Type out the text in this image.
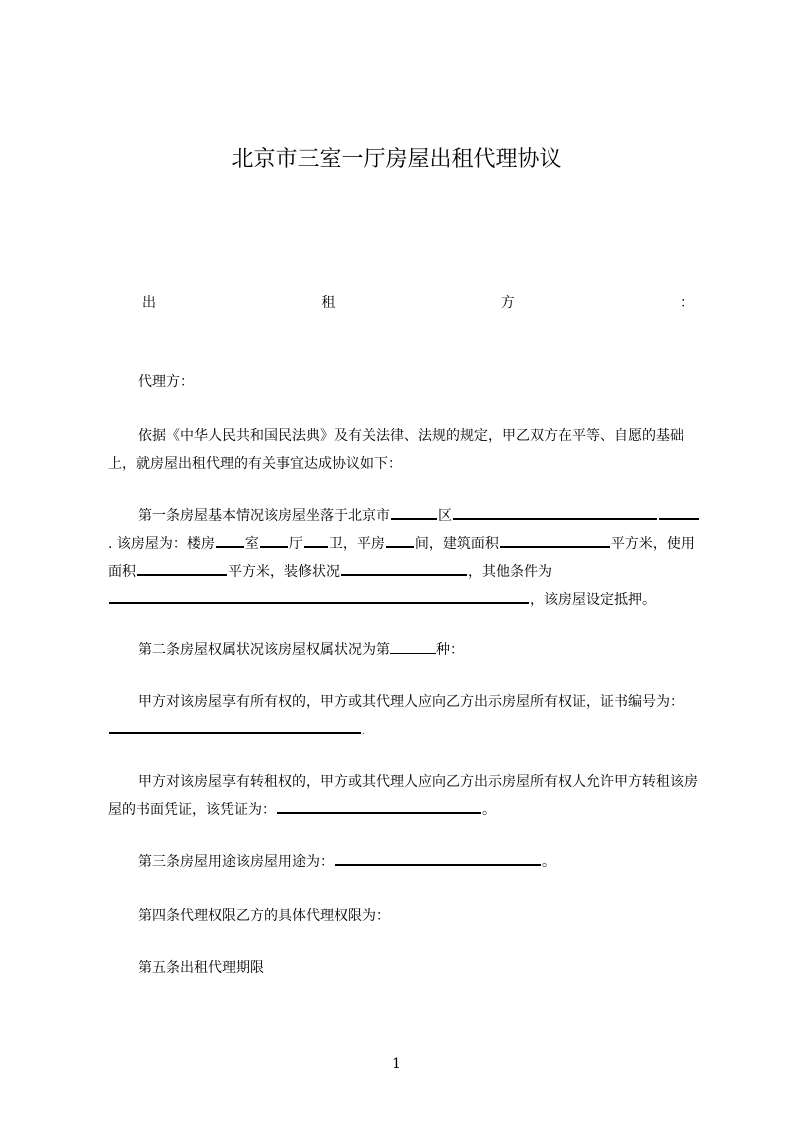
北京市三室一厅房屋出租代理协议
出	租	方	：
代理方：
依据《中华人民共和国民法典》及有关法律、法规的规定，甲乙双方在平等、自愿的基础上，就房屋出租代理的有关事宜达成协议如下：
第一条房屋基本情况该房屋坐落于北京市	区. 该房屋为：楼房 室 厅 卫，平房 间，建筑面积	平方米，使用面积	平方米，装修状况	，其他条件为，该房屋设定抵押。
第二条房屋权属状况该房屋权属状况为第	种：
甲方对该房屋享有所有权的，甲方或其代理人应向乙方出示房屋所有权证，证书编号为：.
甲方对该房屋享有转租权的，甲方或其代理人应向乙方出示房屋所有权人允许甲方转租该房屋的书面凭证，该凭证为：	。
第三条房屋用途该房屋用途为：	。
第四条代理权限乙方的具体代理权限为：
第五条出租代理期限
1
